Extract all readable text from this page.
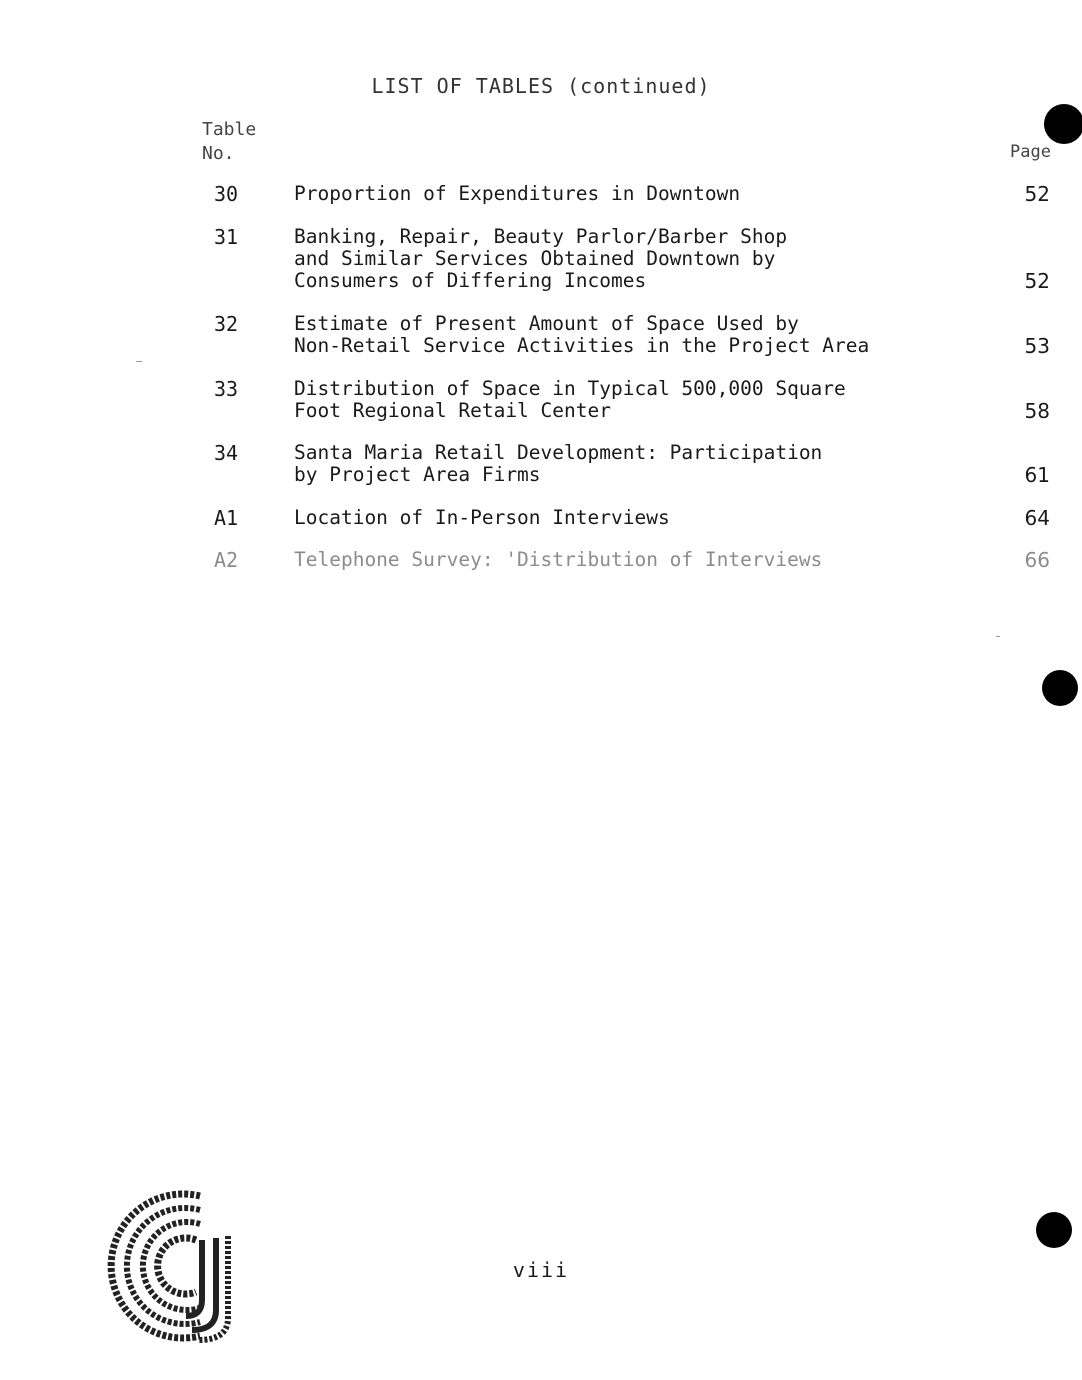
LIST OF TABLES (continued)
Table
No.	Page
30	Proportion of Expenditures in Downtown	52
31	Banking, Repair, Beauty Parlor/Barber Shop
and Similar Services Obtained Downtown by
Consumers of Differing Incomes	52
32	Estimate of Present Amount of Space Used by
Non-Retail Service Activities in the Project Area	53
33	Distribution of Space in Typical 500,000 Square
Foot Regional Retail Center	58
34	Santa Maria Retail Development: Participation
by Project Area Firms	61
A1	Location of In-Person Interviews	64
A2	Telephone Survey: 'Distribution of Interviews	66
viii
